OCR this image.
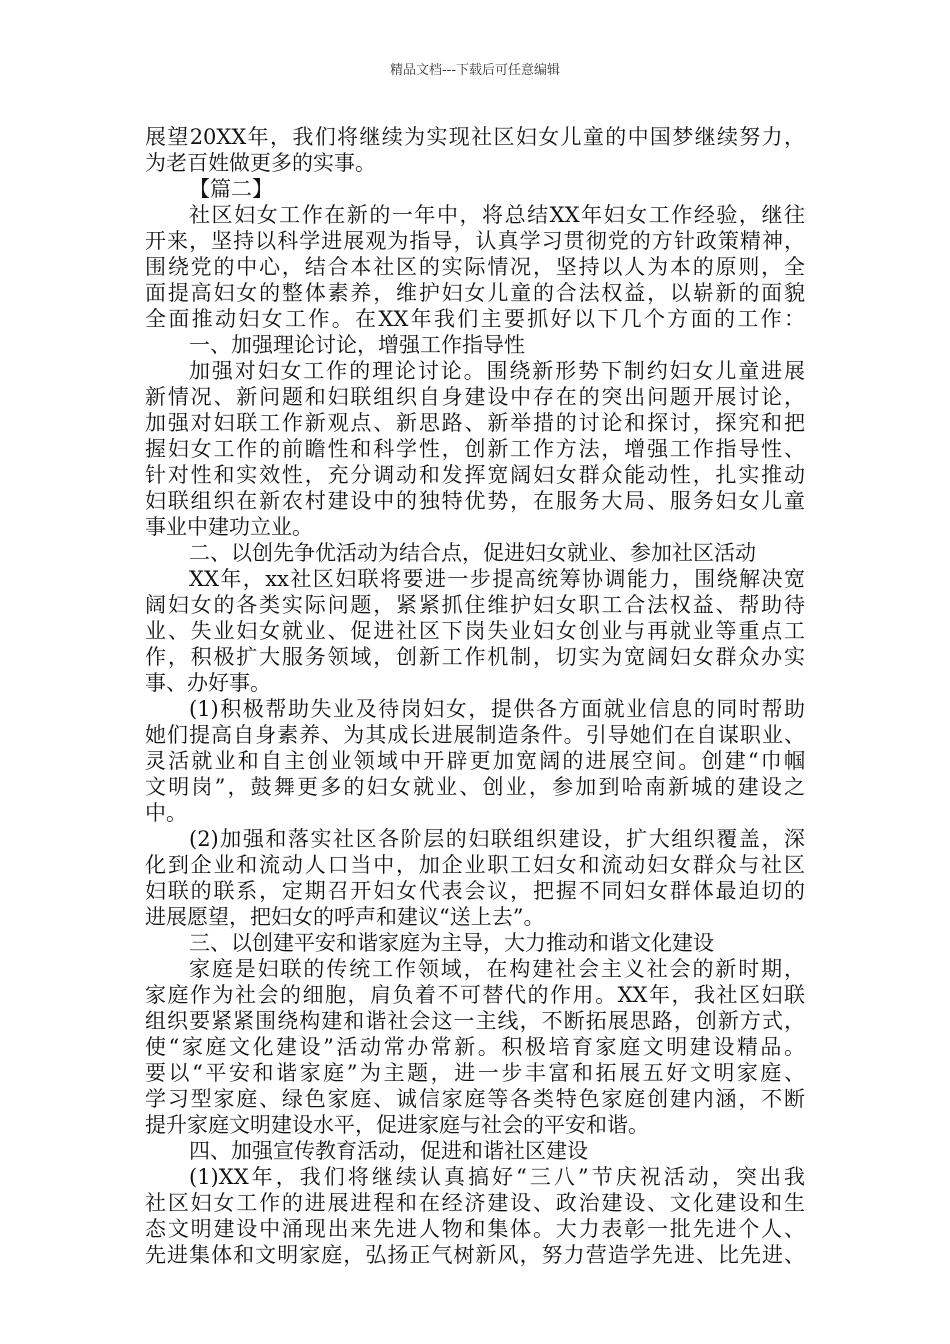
精品文档---下载后可任意编辑
展望20XX年，我们将继续为实现社区妇女儿童的中国梦继续努力，
为老百姓做更多的实事。
【篇二】
社区妇女工作在新的一年中，将总结XX年妇女工作经验，继往
开来，坚持以科学进展观为指导，认真学习贯彻党的方针政策精神，
围绕党的中心，结合本社区的实际情况，坚持以人为本的原则，全
面提高妇女的整体素养，维护妇女儿童的合法权益，以崭新的面貌
全面推动妇女工作。在XX年我们主要抓好以下几个方面的工作：
一、加强理论讨论，增强工作指导性
加强对妇女工作的理论讨论。围绕新形势下制约妇女儿童进展
新情况、新问题和妇联组织自身建设中存在的突出问题开展讨论，
加强对妇联工作新观点、新思路、新举措的讨论和探讨，探究和把
握妇女工作的前瞻性和科学性，创新工作方法，增强工作指导性、
针对性和实效性，充分调动和发挥宽阔妇女群众能动性，扎实推动
妇联组织在新农村建设中的独特优势，在服务大局、服务妇女儿童
事业中建功立业。
二、以创先争优活动为结合点，促进妇女就业、参加社区活动
XX年，xx社区妇联将要进一步提高统筹协调能力，围绕解决宽
阔妇女的各类实际问题，紧紧抓住维护妇女职工合法权益、帮助待
业、失业妇女就业、促进社区下岗失业妇女创业与再就业等重点工
作，积极扩大服务领域，创新工作机制，切实为宽阔妇女群众办实
事、办好事。
(1)积极帮助失业及待岗妇女，提供各方面就业信息的同时帮助
她们提高自身素养、为其成长进展制造条件。引导她们在自谋职业、
灵活就业和自主创业领域中开辟更加宽阔的进展空间。创建“巾帼
文明岗”，鼓舞更多的妇女就业、创业，参加到哈南新城的建设之
中。
(2)加强和落实社区各阶层的妇联组织建设，扩大组织覆盖，深
化到企业和流动人口当中，加企业职工妇女和流动妇女群众与社区
妇联的联系，定期召开妇女代表会议，把握不同妇女群体最迫切的
进展愿望，把妇女的呼声和建议“送上去”。
三、以创建平安和谐家庭为主导，大力推动和谐文化建设
家庭是妇联的传统工作领域，在构建社会主义社会的新时期，
家庭作为社会的细胞，肩负着不可替代的作用。XX年，我社区妇联
组织要紧紧围绕构建和谐社会这一主线，不断拓展思路，创新方式，
使“家庭文化建设”活动常办常新。积极培育家庭文明建设精品。
要以“平安和谐家庭”为主题，进一步丰富和拓展五好文明家庭、
学习型家庭、绿色家庭、诚信家庭等各类特色家庭创建内涵，不断
提升家庭文明建设水平，促进家庭与社会的平安和谐。
四、加强宣传教育活动，促进和谐社区建设
(1)XX年，我们将继续认真搞好“三八”节庆祝活动，突出我
社区妇女工作的进展进程和在经济建设、政治建设、文化建设和生
态文明建设中涌现出来先进人物和集体。大力表彰一批先进个人、
先进集体和文明家庭，弘扬正气树新风，努力营造学先进、比先进、
